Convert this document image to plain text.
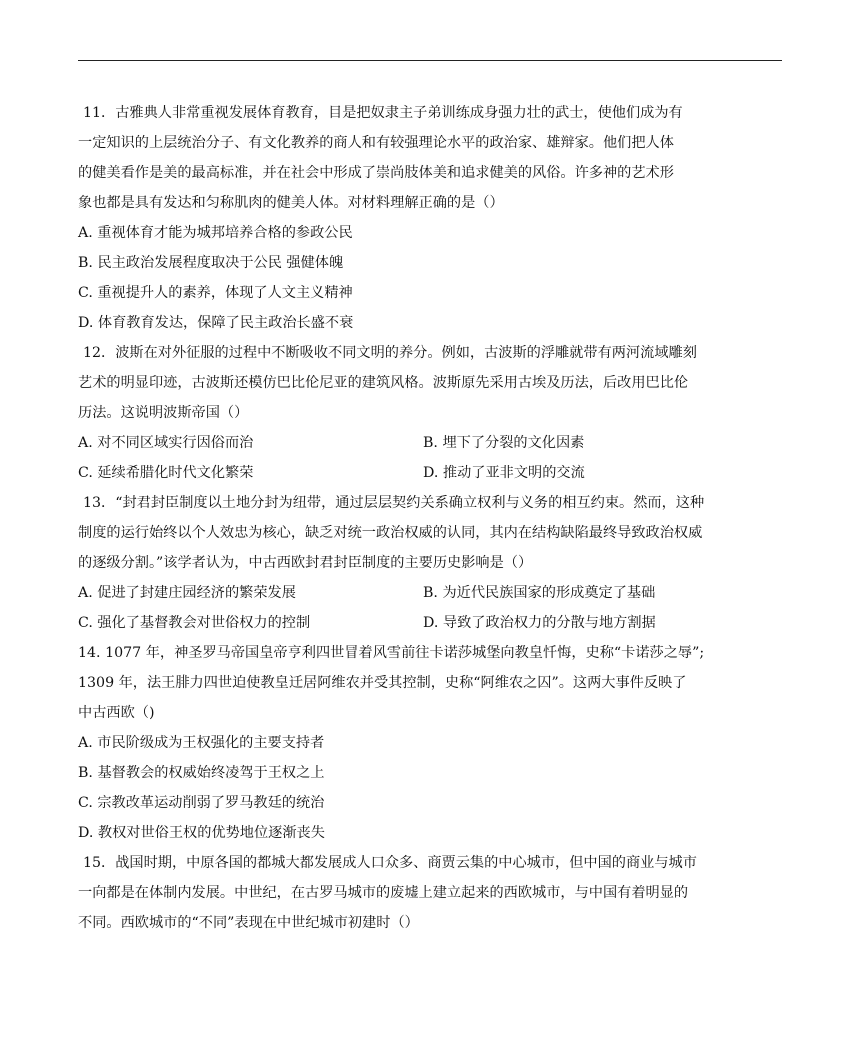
11．古雅典人非常重视发展体育教育，目是把奴隶主子弟训练成身强力壮的武士，使他们成为有
一定知识的上层统治分子、有文化教养的商人和有较强理论水平的政治家、雄辩家。他们把人体
的健美看作是美的最高标准，并在社会中形成了崇尚肢体美和追求健美的风俗。许多神的艺术形
象也都是具有发达和匀称肌肉的健美人体。对材料理解正确的是（）
A. 重视体育才能为城邦培养合格的参政公民
B. 民主政治发展程度取决于公民 强健体魄
C. 重视提升人的素养，体现了人文主义精神
D. 体育教育发达，保障了民主政治长盛不衰
12．波斯在对外征服的过程中不断吸收不同文明的养分。例如，古波斯的浮雕就带有两河流域雕刻
艺术的明显印迹，古波斯还模仿巴比伦尼亚的建筑风格。波斯原先采用古埃及历法，后改用巴比伦
历法。这说明波斯帝国（）
A. 对不同区域实行因俗而治	B. 埋下了分裂的文化因素
C. 延续希腊化时代文化繁荣	D. 推动了亚非文明的交流
13．“封君封臣制度以土地分封为纽带，通过层层契约关系确立权利与义务的相互约束。然而，这种
制度的运行始终以个人效忠为核心，缺乏对统一政治权威的认同，其内在结构缺陷最终导致政治权威
的逐级分割。”该学者认为，中古西欧封君封臣制度的主要历史影响是（）
A. 促进了封建庄园经济的繁荣发展	B. 为近代民族国家的形成奠定了基础
C. 强化了基督教会对世俗权力的控制	D. 导致了政治权力的分散与地方割据
14. 1077 年，神圣罗马帝国皇帝亨利四世冒着风雪前往卡诺莎城堡向教皇忏悔，史称“卡诺莎之辱”;
1309 年，法王腓力四世迫使教皇迁居阿维农并受其控制，史称“阿维农之囚”。这两大事件反映了
中古西欧（)
A. 市民阶级成为王权强化的主要支持者
B. 基督教会的权威始终凌驾于王权之上
C. 宗教改革运动削弱了罗马教廷的统治
D. 教权对世俗王权的优势地位逐渐丧失
15．战国时期，中原各国的都城大都发展成人口众多、商贾云集的中心城市，但中国的商业与城市
一向都是在体制内发展。中世纪，在古罗马城市的废墟上建立起来的西欧城市，与中国有着明显的
不同。西欧城市的“不同”表现在中世纪城市初建时（）
